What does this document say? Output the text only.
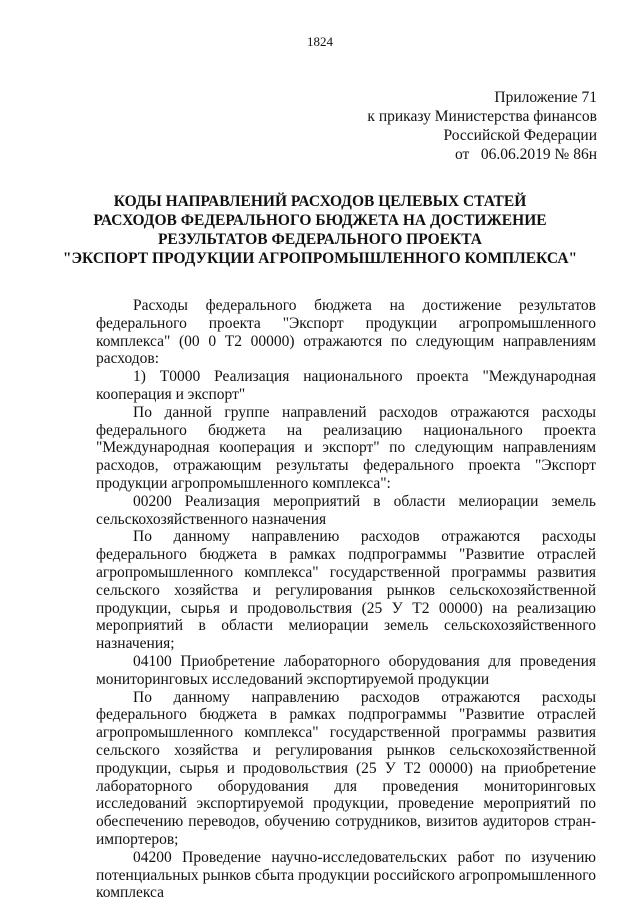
1824
Приложение 71
к приказу Министерства финансов
Российской Федерации
от   06.06.2019 № 86н
КОДЫ НАПРАВЛЕНИЙ РАСХОДОВ ЦЕЛЕВЫХ СТАТЕЙ
РАСХОДОВ ФЕДЕРАЛЬНОГО БЮДЖЕТА НА ДОСТИЖЕНИЕ
РЕЗУЛЬТАТОВ ФЕДЕРАЛЬНОГО ПРОЕКТА
"ЭКСПОРТ ПРОДУКЦИИ АГРОПРОМЫШЛЕННОГО КОМПЛЕКСА"
Расходы федерального бюджета на достижение результатов федерального проекта "Экспорт продукции агропромышленного комплекса" (00 0 Т2 00000) отражаются по следующим направлениям расходов:
1) Т0000 Реализация национального проекта "Международная кооперация и экспорт"
По данной группе направлений расходов отражаются расходы федерального бюджета на реализацию национального проекта "Международная кооперация и экспорт" по следующим направлениям расходов, отражающим результаты федерального проекта "Экспорт продукции агропромышленного комплекса":
00200 Реализация мероприятий в области мелиорации земель сельскохозяйственного назначения
По данному направлению расходов отражаются расходы федерального бюджета в рамках подпрограммы "Развитие отраслей агропромышленного комплекса" государственной программы развития сельского хозяйства и регулирования рынков сельскохозяйственной продукции, сырья и продовольствия (25 У Т2 00000) на реализацию мероприятий в области мелиорации земель сельскохозяйственного назначения;
04100 Приобретение лабораторного оборудования для проведения мониторинговых исследований экспортируемой продукции
По данному направлению расходов отражаются расходы федерального бюджета в рамках подпрограммы "Развитие отраслей агропромышленного комплекса" государственной программы развития сельского хозяйства и регулирования рынков сельскохозяйственной продукции, сырья и продовольствия (25 У Т2 00000) на приобретение лабораторного оборудования для проведения мониторинговых исследований экспортируемой продукции, проведение мероприятий по обеспечению переводов, обучению сотрудников, визитов аудиторов стран-импортеров;
04200 Проведение научно-исследовательских работ по изучению потенциальных рынков сбыта продукции российского агропромышленного комплекса
